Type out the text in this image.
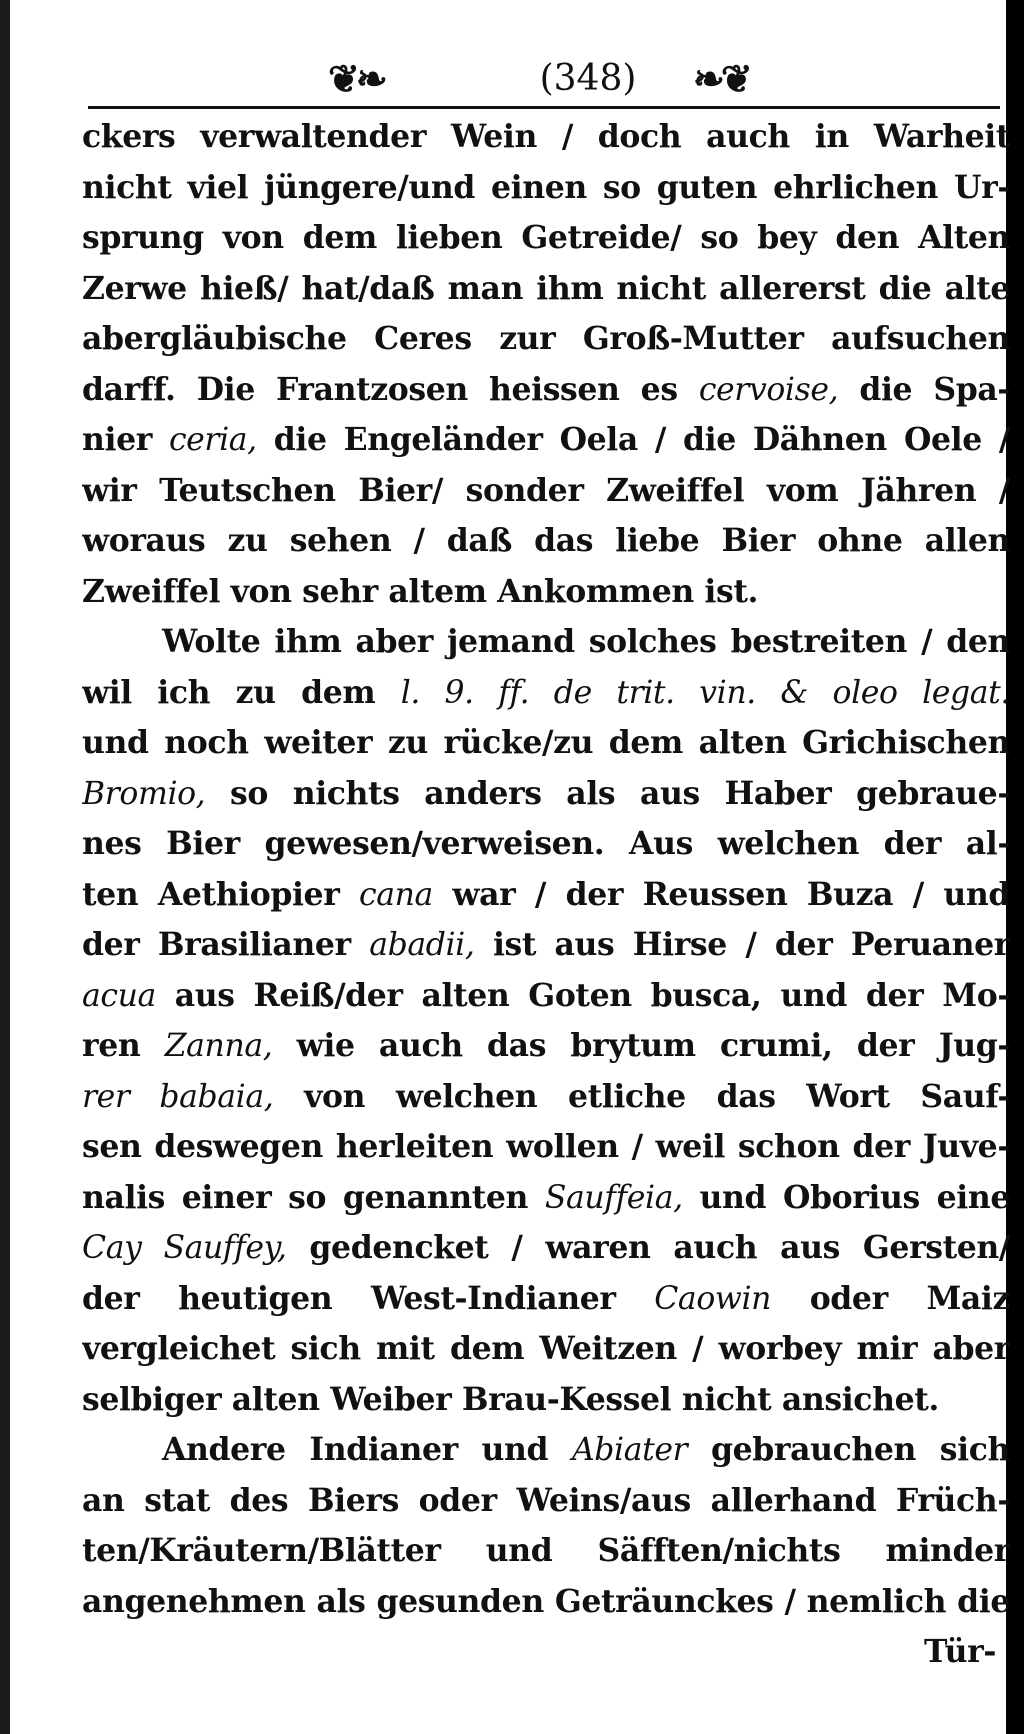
❦❧	(348)	❧❦
ckers verwaltender Wein / doch auch in Warheit
nicht viel jüngere/und einen so guten ehrlichen Ur-
sprung von dem lieben Getreide/ so bey den Alten
Zerwe hieß/ hat/daß man ihm nicht allererst die alte
abergläubische Ceres zur Groß-Mutter aufsuchen
darff. Die Frantzosen heissen es cervoise, die Spa-
nier ceria, die Engeländer Oela / die Dähnen Oele /
wir Teutschen Bier/ sonder Zweiffel vom Jähren /
woraus zu sehen / daß das liebe Bier ohne allen
Zweiffel von sehr altem Ankommen ist.
Wolte ihm aber jemand solches bestreiten / den
wil ich zu dem l. 9. ff. de trit. vin. & oleo legat.
und noch weiter zu rücke/zu dem alten Grichischen
Bromio, so nichts anders als aus Haber gebraue-
nes Bier gewesen/verweisen. Aus welchen der al-
ten Aethiopier cana war / der Reussen Buza / und
der Brasilianer abadii, ist aus Hirse / der Peruaner
acua aus Reiß/der alten Goten busca, und der Mo-
ren Zanna, wie auch das brytum crumi, der Jug-
rer babaia, von welchen etliche das Wort Sauf-
sen deswegen herleiten wollen / weil schon der Juve-
nalis einer so genannten Sauffeia, und Oborius eine
Cay Sauffey, gedencket / waren auch aus Gersten/
der heutigen West-Indianer Caowin oder Maiz
vergleichet sich mit dem Weitzen / worbey mir aber
selbiger alten Weiber Brau-Kessel nicht ansichet.
Andere Indianer und Abiater gebrauchen sich
an stat des Biers oder Weins/aus allerhand Früch-
ten/Kräutern/Blätter und Säfften/nichts minder
angenehmen als gesunden Geträunckes / nemlich die
Tür-
